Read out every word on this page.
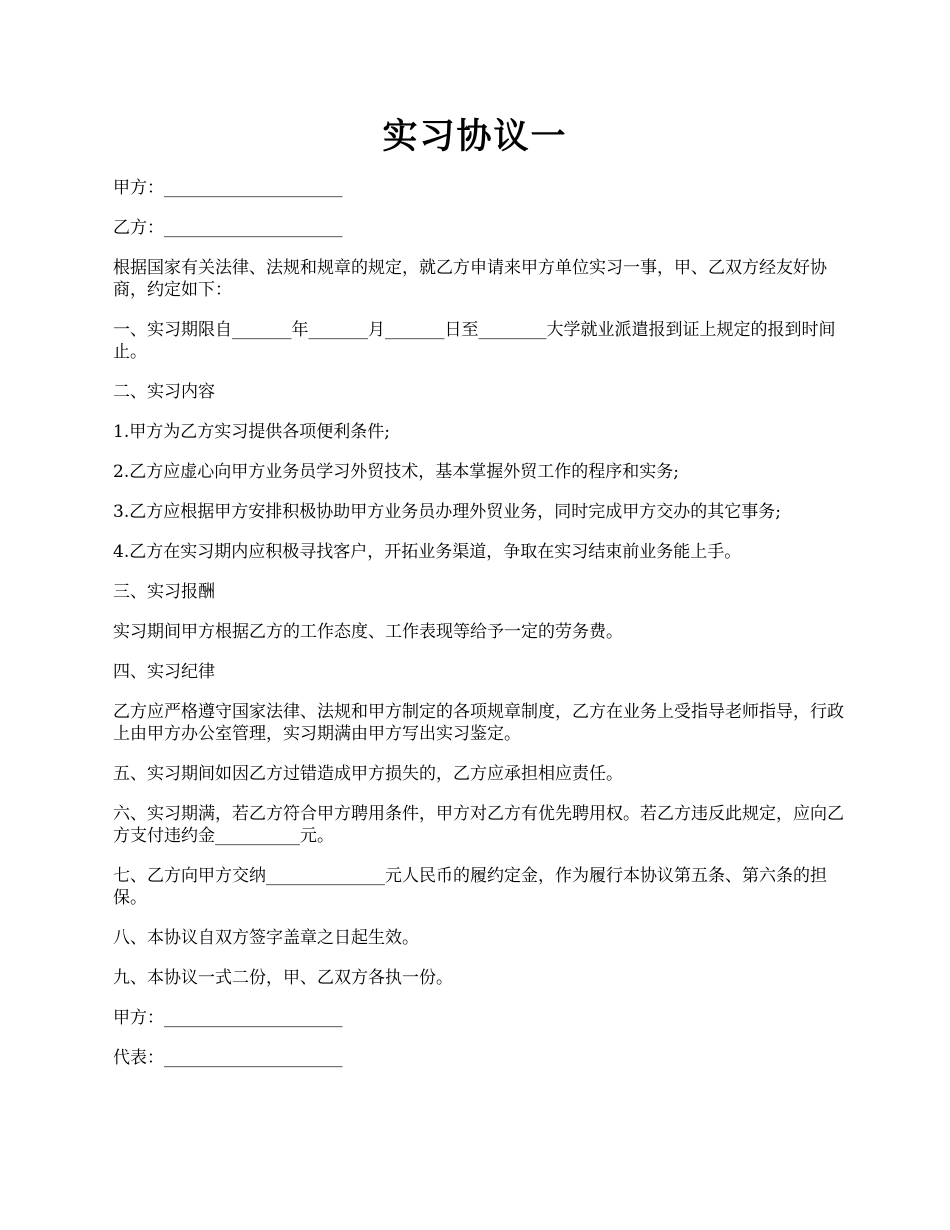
实习协议一

甲方：_____________________

乙方：_____________________

根据国家有关法律、法规和规章的规定，就乙方申请来甲方单位实习一事，甲、乙双方经友好协商，约定如下：

一、实习期限自_______年_______月_______日至________大学就业派遣报到证上规定的报到时间止。

二、实习内容

1.甲方为乙方实习提供各项便利条件;

2.乙方应虚心向甲方业务员学习外贸技术，基本掌握外贸工作的程序和实务;

3.乙方应根据甲方安排积极协助甲方业务员办理外贸业务，同时完成甲方交办的其它事务;

4.乙方在实习期内应积极寻找客户，开拓业务渠道，争取在实习结束前业务能上手。

三、实习报酬

实习期间甲方根据乙方的工作态度、工作表现等给予一定的劳务费。

四、实习纪律

乙方应严格遵守国家法律、法规和甲方制定的各项规章制度，乙方在业务上受指导老师指导，行政上由甲方办公室管理，实习期满由甲方写出实习鉴定。

五、实习期间如因乙方过错造成甲方损失的，乙方应承担相应责任。

六、实习期满，若乙方符合甲方聘用条件，甲方对乙方有优先聘用权。若乙方违反此规定，应向乙方支付违约金__________元。

七、乙方向甲方交纳______________元人民币的履约定金，作为履行本协议第五条、第六条的担保。

八、本协议自双方签字盖章之日起生效。

九、本协议一式二份，甲、乙双方各执一份。

甲方：_____________________

代表：_____________________
